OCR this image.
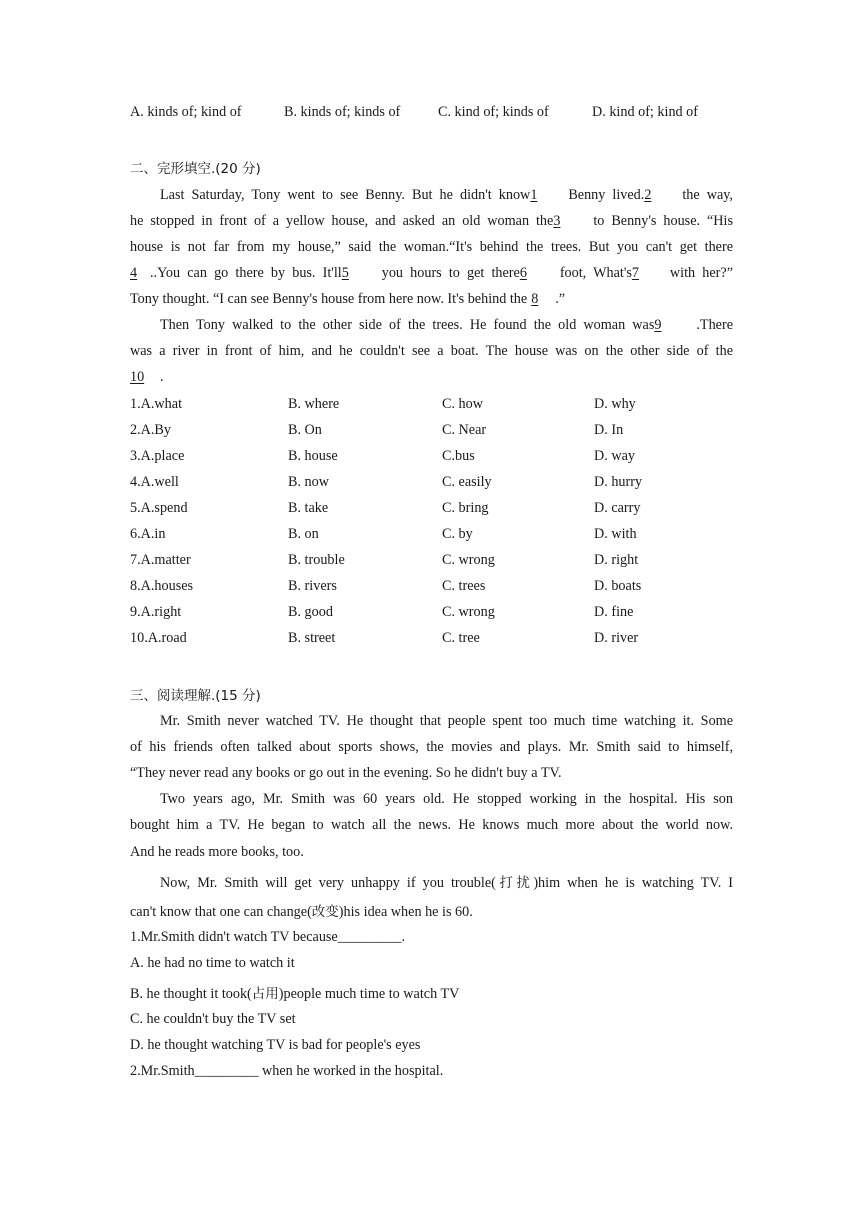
A. kinds of; kind of	B. kinds of; kinds of	C. kind of; kinds of	D. kind of; kind of
二、完形填空.(20 分)
Last Saturday, Tony went to see Benny. But he didn't know1 Benny lived.2 the way,
he stopped in front of a yellow house, and asked an old woman the3 to Benny's house. “His
house is not far from my house,” said the woman.“It's behind the trees. But you can't get there
4 ..You can go there by bus. It'll5 you hours to get there6 foot, What's7 with her?”
Tony thought. “I can see Benny's house from here now. It's behind the 8 .”
Then Tony walked to the other side of the trees. He found the old woman was9 .There
was a river in front of him, and he couldn't see a boat. The house was on the other side of the
10 .
1.A.what	B. where	C. how	D. why
2.A.By	B. On	C. Near	D. In
3.A.place	B. house	C.bus	D. way
4.A.well	B. now	C. easily	D. hurry
5.A.spend	B. take	C. bring	D. carry
6.A.in	B. on	C. by	D. with
7.A.matter	B. trouble	C. wrong	D. right
8.A.houses	B. rivers	C. trees	D. boats
9.A.right	B. good	C. wrong	D. fine
10.A.road	B. street	C. tree	D. river
三、阅读理解.(15 分)
Mr. Smith never watched TV. He thought that people spent too much time watching it. Some
of his friends often talked about sports shows, the movies and plays. Mr. Smith said to himself,
“They never read any books or go out in the evening. So he didn't buy a TV.
Two years ago, Mr. Smith was 60 years old. He stopped working in the hospital. His son
bought him a TV. He began to watch all the news. He knows much more about the world now.
And he reads more books, too.
Now, Mr. Smith will get very unhappy if you trouble(打扰)him when he is watching TV. I
can't know that one can change(改变)his idea when he is 60.
1.Mr.Smith didn't watch TV because_________.
A. he had no time to watch it
B. he thought it took(占用)people much time to watch TV
C. he couldn't buy the TV set
D. he thought watching TV is bad for people's eyes
2.Mr.Smith_________ when he worked in the hospital.
